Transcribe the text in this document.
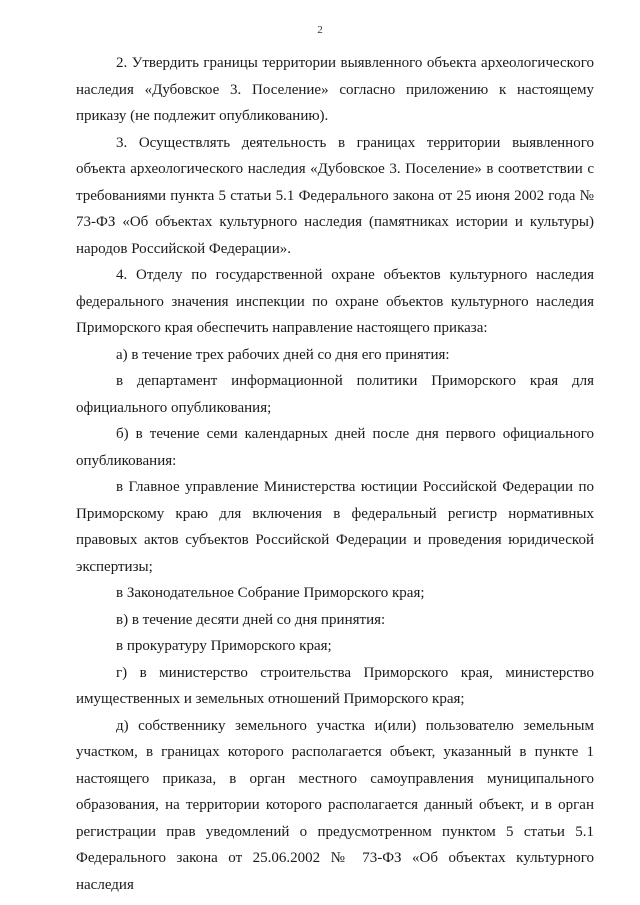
2

2. Утвердить границы территории выявленного объекта археологического наследия «Дубовское 3. Поселение» согласно приложению к настоящему приказу (не подлежит опубликованию).

3. Осуществлять деятельность в границах территории выявленного объекта археологического наследия «Дубовское 3. Поселение» в соответствии с требованиями пункта 5 статьи 5.1 Федерального закона от 25 июня 2002 года № 73-ФЗ «Об объектах культурного наследия (памятниках истории и культуры) народов Российской Федерации».

4. Отделу по государственной охране объектов культурного наследия федерального значения инспекции по охране объектов культурного наследия Приморского края обеспечить направление настоящего приказа:

а) в течение трех рабочих дней со дня его принятия:

в департамент информационной политики Приморского края для официального опубликования;

б) в течение семи календарных дней после дня первого официального опубликования:

в Главное управление Министерства юстиции Российской Федерации по Приморскому краю для включения в федеральный регистр нормативных правовых актов субъектов Российской Федерации и проведения юридической экспертизы;

в Законодательное Собрание Приморского края;

в) в течение десяти дней со дня принятия:

в прокуратуру Приморского края;

г) в министерство строительства Приморского края, министерство имущественных и земельных отношений Приморского края;

д) собственнику земельного участка и(или) пользователю земельным участком, в границах которого располагается объект, указанный в пункте 1 настоящего приказа, в орган местного самоуправления муниципального образования, на территории которого располагается данный объект, и в орган регистрации прав уведомлений о предусмотренном пунктом 5 статьи 5.1 Федерального закона от 25.06.2002 № 73-ФЗ «Об объектах культурного наследия
